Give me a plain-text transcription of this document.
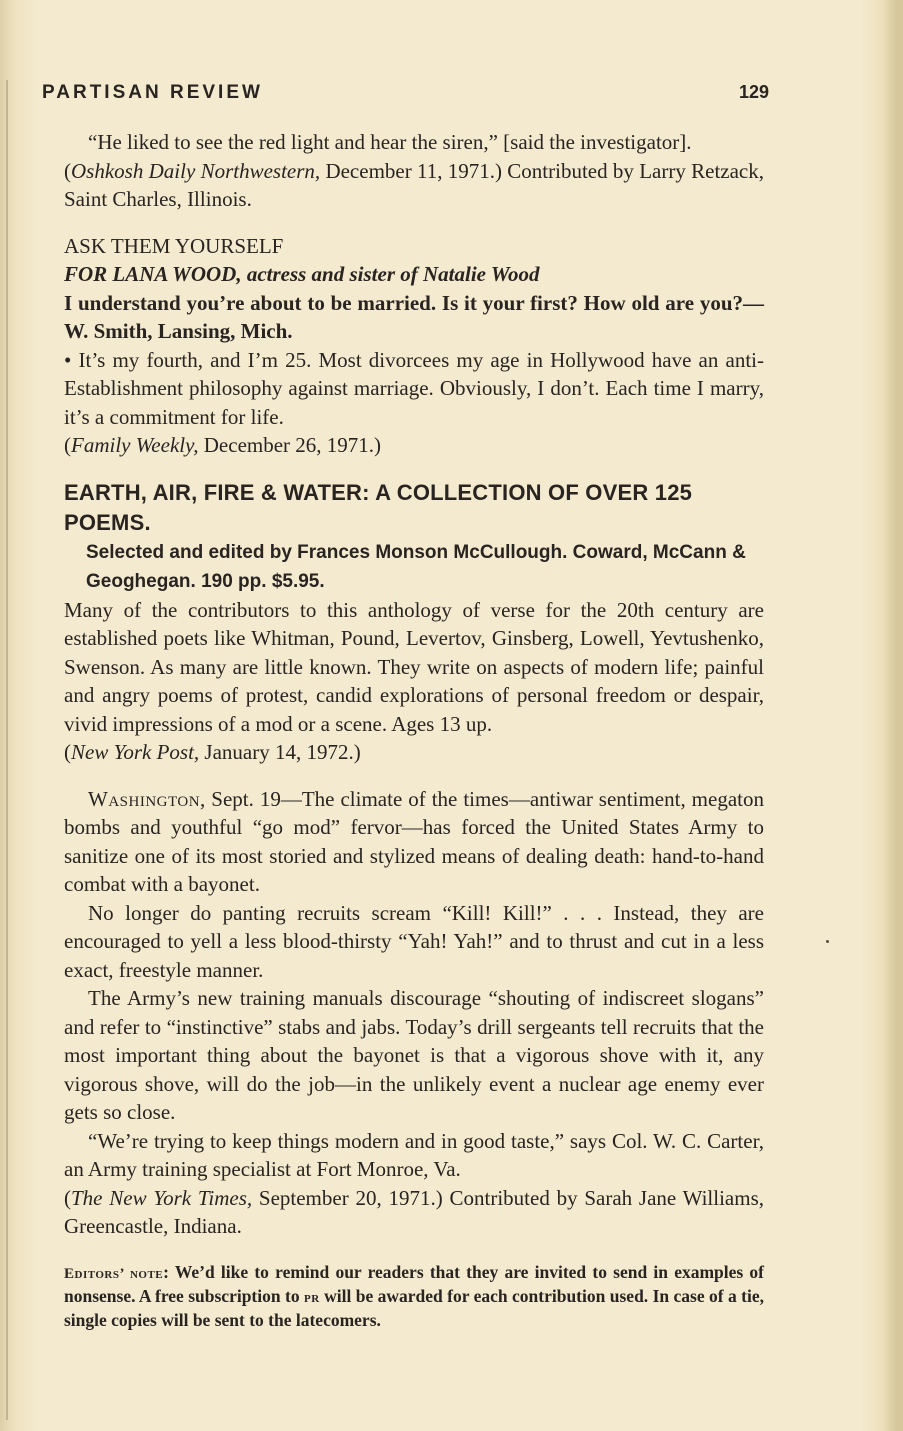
PARTISAN REVIEW	129

“He liked to see the red light and hear the siren,” [said the investigator].

(Oshkosh Daily Northwestern, December 11, 1971.) Contributed by Larry Retzack, Saint Charles, Illinois.

ASK THEM YOURSELF

FOR LANA WOOD, actress and sister of Natalie Wood

I understand you’re about to be married. Is it your first? How old are you?—W. Smith, Lansing, Mich.

• It’s my fourth, and I’m 25. Most divorcees my age in Hollywood have an anti-Establishment philosophy against marriage. Obviously, I don’t. Each time I marry, it’s a commitment for life.

(Family Weekly, December 26, 1971.)

EARTH, AIR, FIRE & WATER: A COLLECTION OF OVER 125 POEMS.

Selected and edited by Frances Monson McCullough. Coward, McCann & Geoghegan. 190 pp. $5.95.

Many of the contributors to this anthology of verse for the 20th century are established poets like Whitman, Pound, Levertov, Ginsberg, Lowell, Yevtushenko, Swenson. As many are little known. They write on aspects of modern life; painful and angry poems of protest, candid explorations of personal freedom or despair, vivid impressions of a mod or a scene. Ages 13 up.

(New York Post, January 14, 1972.)

Washington, Sept. 19—The climate of the times—antiwar sentiment, megaton bombs and youthful “go mod” fervor—has forced the United States Army to sanitize one of its most storied and stylized means of dealing death: hand-to-hand combat with a bayonet.

No longer do panting recruits scream “Kill! Kill!” . . . Instead, they are encouraged to yell a less blood-thirsty “Yah! Yah!” and to thrust and cut in a less exact, freestyle manner.

The Army’s new training manuals discourage “shouting of indiscreet slogans” and refer to “instinctive” stabs and jabs. Today’s drill sergeants tell recruits that the most important thing about the bayonet is that a vigorous shove with it, any vigorous shove, will do the job—in the unlikely event a nuclear age enemy ever gets so close.

“We’re trying to keep things modern and in good taste,” says Col. W. C. Carter, an Army training specialist at Fort Monroe, Va.

(The New York Times, September 20, 1971.) Contributed by Sarah Jane Williams, Greencastle, Indiana.

Editors’ note: We’d like to remind our readers that they are invited to send in examples of nonsense. A free subscription to pr will be awarded for each contribution used. In case of a tie, single copies will be sent to the latecomers.
